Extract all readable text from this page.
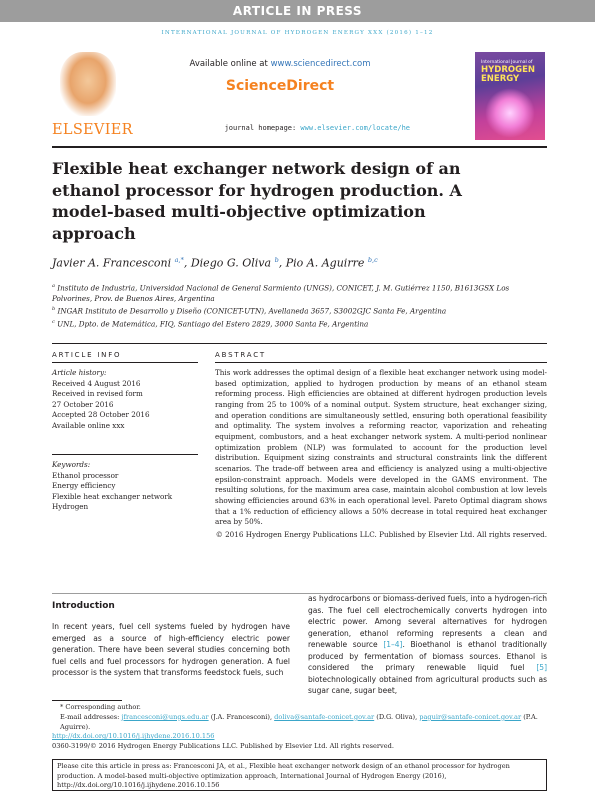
ARTICLE IN PRESS
INTERNATIONAL JOURNAL OF HYDROGEN ENERGY XXX (2016) 1–12
ELSEVIER
Available online at www.sciencedirect.com
ScienceDirect
journal homepage: www.elsevier.com/locate/he
International Journal of
HYDROGEN ENERGY
Flexible heat exchanger network design of an ethanol processor for hydrogen production. A model-based multi-objective optimization approach
Javier A. Francesconi $^{a,*}$, Diego G. Oliva $^b$, Pio A. Aguirre $^{b,c}$
$^a$ Instituto de Industria, Universidad Nacional de General Sarmiento (UNGS), CONICET, J. M. Gutiérrez 1150, B1613GSX Los Polvorines, Prov. de Buenos Aires, Argentina
$^b$ INGAR Instituto de Desarrollo y Diseño (CONICET-UTN), Avellaneda 3657, S3002GJC Santa Fe, Argentina
$^c$ UNL, Dpto. de Matemática, FIQ, Santiago del Estero 2829, 3000 Santa Fe, Argentina
ARTICLE INFO	ABSTRACT
Article history:
Received 4 August 2016
Received in revised form
27 October 2016
Accepted 28 October 2016
Available online xxx
Keywords:
Ethanol processor
Energy efficiency
Flexible heat exchanger network
Hydrogen
This work addresses the optimal design of a flexible heat exchanger network using model-based optimization, applied to hydrogen production by means of an ethanol steam reforming process. High efficiencies are obtained at different hydrogen production levels ranging from 25 to 100% of a nominal output. System structure, heat exchanger sizing, and operation conditions are simultaneously settled, ensuring both operational feasibility and optimality. The system involves a reforming reactor, vaporization and reheating equipment, combustors, and a heat exchanger network system. A multi-period nonlinear optimization problem (NLP) was formulated to account for the production level distribution. Equipment sizing constraints and structural constraints link the different scenarios. The trade-off between area and efficiency is analyzed using a multi-objective epsilon-constraint approach. Models were developed in the GAMS environment. The resulting solutions, for the maximum area case, maintain alcohol combustion at low levels showing efficiencies around 63% in each operational level. Pareto Optimal diagram shows that a 1% reduction of efficiency allows a 50% decrease in total required heat exchanger area by 50%.
© 2016 Hydrogen Energy Publications LLC. Published by Elsevier Ltd. All rights reserved.
Introduction
In recent years, fuel cell systems fueled by hydrogen have emerged as a source of high-efficiency electric power generation. There have been several studies concerning both fuel cells and fuel processors for hydrogen generation. A fuel processor is the system that transforms feedstock fuels, such
as hydrocarbons or biomass-derived fuels, into a hydrogen-rich gas. The fuel cell electrochemically converts hydrogen into electric power. Among several alternatives for hydrogen generation, ethanol reforming represents a clean and renewable source [1–4]. Bioethanol is ethanol traditionally produced by fermentation of biomass sources. Ethanol is considered the primary renewable liquid fuel [5] biotechnologically obtained from agricultural products such as sugar cane, sugar beet,
* Corresponding author.
E-mail addresses: jfrancesconi@ungs.edu.ar (J.A. Francesconi), doliva@santafe-conicet.gov.ar (D.G. Oliva), paguir@santafe-conicet.gov.ar (P.A. Aguirre).
http://dx.doi.org/10.1016/j.ijhydene.2016.10.156
0360-3199/© 2016 Hydrogen Energy Publications LLC. Published by Elsevier Ltd. All rights reserved.
Please cite this article in press as: Francesconi JA, et al., Flexible heat exchanger network design of an ethanol processor for hydrogen production. A model-based multi-objective optimization approach, International Journal of Hydrogen Energy (2016), http://dx.doi.org/10.1016/j.ijhydene.2016.10.156
